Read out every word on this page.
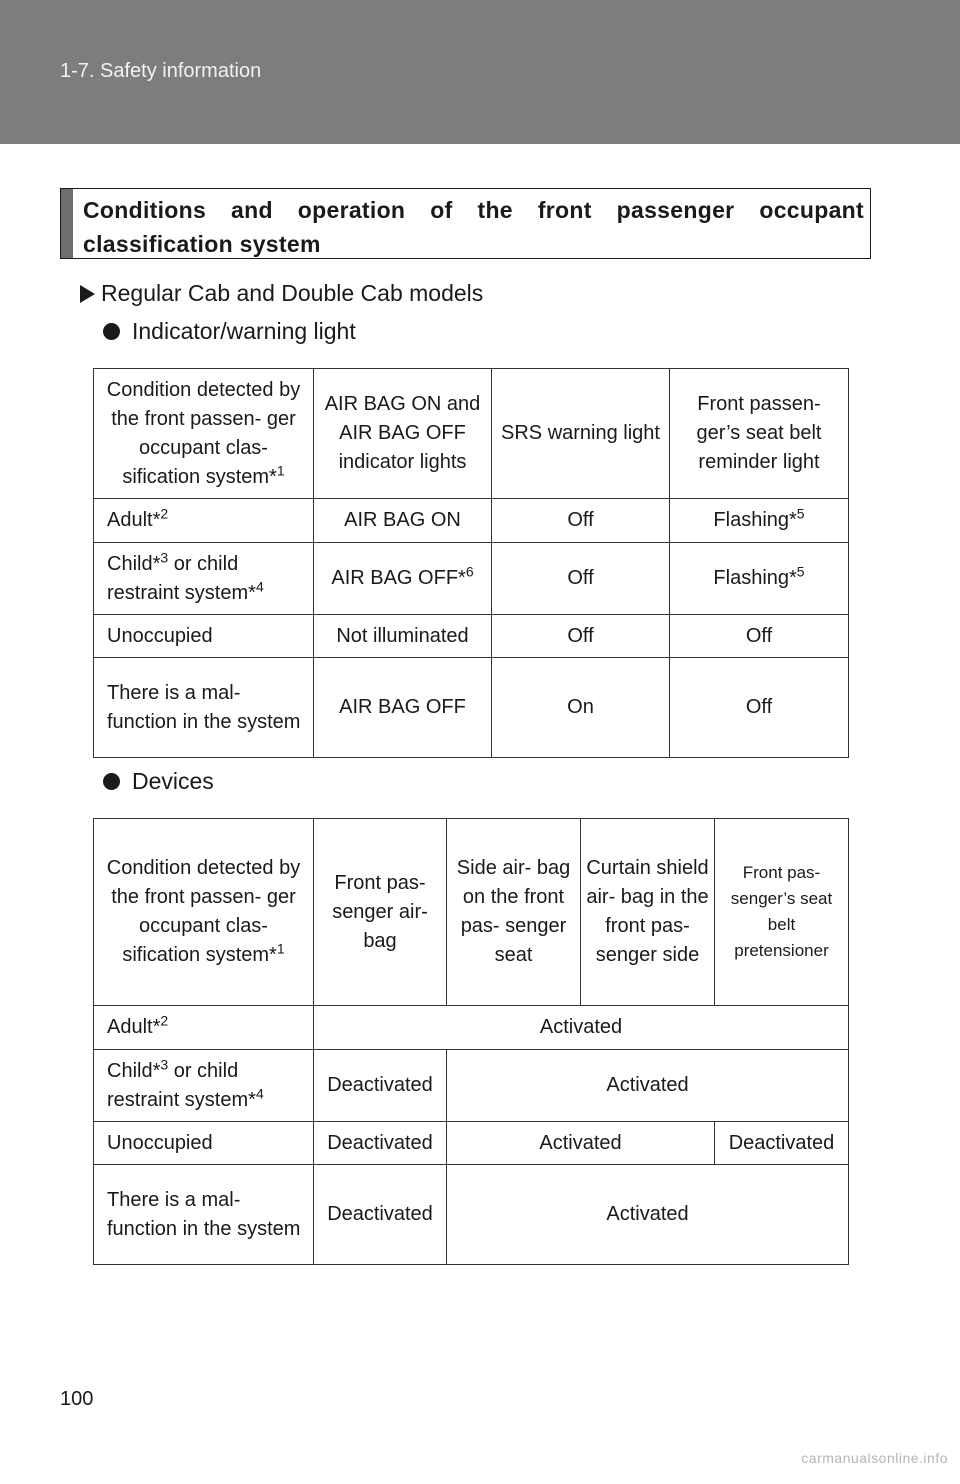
1-7. Safety information
Conditions and operation of the front passenger occupant classification system
Regular Cab and Double Cab models
Indicator/warning light
Condition detected by the front passen- ger occupant clas- sification system*$^1$	AIR BAG ON and AIR BAG OFF indicator lights	SRS warning light	Front passen- ger’s seat belt reminder light
Adult*$^2$	AIR BAG ON	Off	Flashing*$^5$
Child*$^3$ or child restraint system*$^4$	AIR BAG OFF*$^6$	Off	Flashing*$^5$
Unoccupied	Not illuminated	Off	Off
There is a mal- function in the system	AIR BAG OFF	On	Off
Devices
Condition detected by the front passen- ger occupant clas- sification system*$^1$	Front pas- senger air- bag	Side air- bag on the front pas- senger seat	Curtain shield air- bag in the front pas- senger side	Front pas- senger’s seat belt pretensioner
Adult*$^2$	Activated			
Child*$^3$ or child restraint system*$^4$	Deactivated	Activated		
Unoccupied	Deactivated	Activated		Deactivated
There is a mal- function in the system	Deactivated	Activated		
100
carmanualsonline.info
